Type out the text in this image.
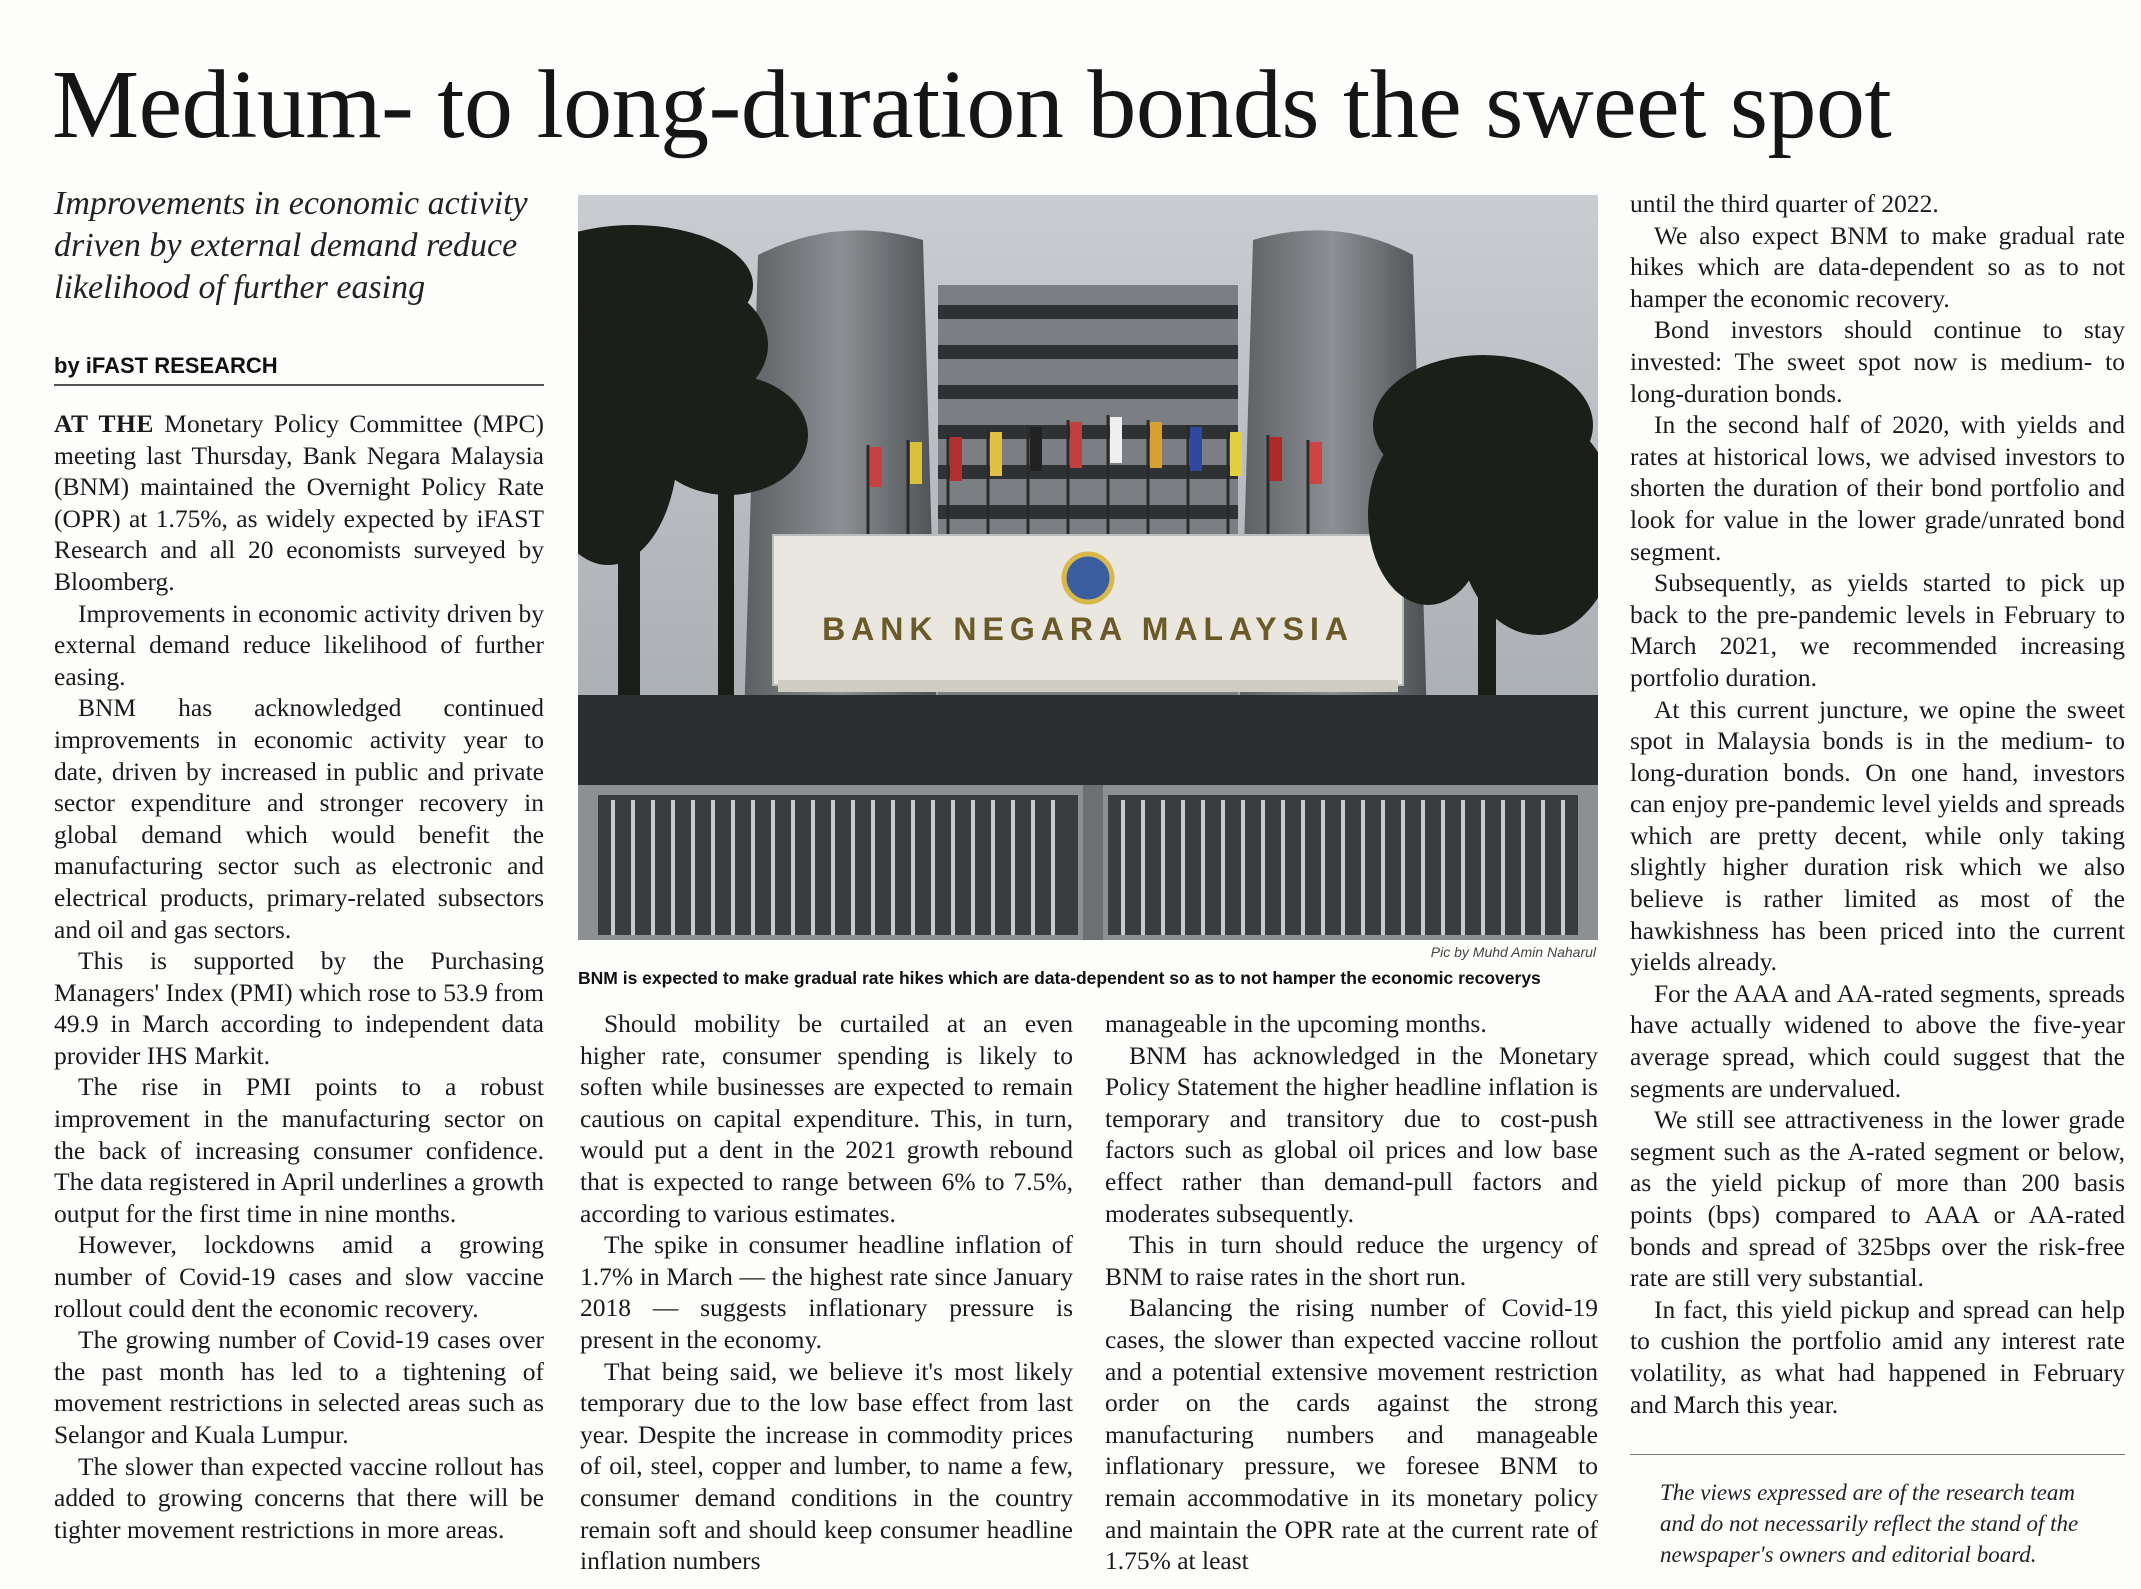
Medium- to long-duration bonds the sweet spot
Improvements in economic activity driven by external demand reduce likelihood of further easing
by iFAST RESEARCH

AT THE Monetary Policy Committee (MPC) meeting last Thursday, Bank Negara Malaysia (BNM) maintained the Overnight Policy Rate (OPR) at 1.75%, as widely expected by iFAST Research and all 20 economists surveyed by Bloomberg.

Improvements in economic activity driven by external demand reduce likelihood of further easing.

BNM has acknowledged continued improvements in economic activity year to date, driven by increased in public and private sector expenditure and stronger recovery in global demand which would benefit the manufacturing sector such as electronic and electrical products, primary-related subsectors and oil and gas sectors.

This is supported by the Purchasing Managers' Index (PMI) which rose to 53.9 from 49.9 in March according to independent data provider IHS Markit.

The rise in PMI points to a robust improvement in the manufacturing sector on the back of increasing consumer confidence. The data registered in April underlines a growth output for the first time in nine months.

However, lockdowns amid a growing number of Covid-19 cases and slow vaccine rollout could dent the economic recovery.

The growing number of Covid-19 cases over the past month has led to a tightening of movement restrictions in selected areas such as Selangor and Kuala Lumpur.

The slower than expected vaccine rollout has added to growing concerns that there will be tighter movement restrictions in more areas.

BANK NEGARA MALAYSIA
Pic by Muhd Amin Naharul
BNM is expected to make gradual rate hikes which are data-dependent so as to not hamper the economic recoverys

Should mobility be curtailed at an even higher rate, consumer spending is likely to soften while businesses are expected to remain cautious on capital expenditure. This, in turn, would put a dent in the 2021 growth rebound that is expected to range between 6% to 7.5%, according to various estimates.

The spike in consumer headline inflation of 1.7% in March — the highest rate since January 2018 — suggests inflationary pressure is present in the economy.

That being said, we believe it's most likely temporary due to the low base effect from last year. Despite the increase in commodity prices of oil, steel, copper and lumber, to name a few, consumer demand conditions in the country remain soft and should keep consumer headline inflation numbers

manageable in the upcoming months.

BNM has acknowledged in the Monetary Policy Statement the higher headline inflation is temporary and transitory due to cost-push factors such as global oil prices and low base effect rather than demand-pull factors and moderates subsequently.

This in turn should reduce the urgency of BNM to raise rates in the short run.

Balancing the rising number of Covid-19 cases, the slower than expected vaccine rollout and a potential extensive movement restriction order on the cards against the strong manufacturing numbers and manageable inflationary pressure, we foresee BNM to remain accommodative in its monetary policy and maintain the OPR rate at the current rate of 1.75% at least

until the third quarter of 2022.

We also expect BNM to make gradual rate hikes which are data-dependent so as to not hamper the economic recovery.

Bond investors should continue to stay invested: The sweet spot now is medium- to long-duration bonds.

In the second half of 2020, with yields and rates at historical lows, we advised investors to shorten the duration of their bond portfolio and look for value in the lower grade/unrated bond segment.

Subsequently, as yields started to pick up back to the pre-pandemic levels in February to March 2021, we recommended increasing portfolio duration.

At this current juncture, we opine the sweet spot in Malaysia bonds is in the medium- to long-duration bonds. On one hand, investors can enjoy pre-pandemic level yields and spreads which are pretty decent, while only taking slightly higher duration risk which we also believe is rather limited as most of the hawkishness has been priced into the current yields already.

For the AAA and AA-rated segments, spreads have actually widened to above the five-year average spread, which could suggest that the segments are undervalued.

We still see attractiveness in the lower grade segment such as the A-rated segment or below, as the yield pickup of more than 200 basis points (bps) compared to AAA or AA-rated bonds and spread of 325bps over the risk-free rate are still very substantial.

In fact, this yield pickup and spread can help to cushion the portfolio amid any interest rate volatility, as what had happened in February and March this year.

The views expressed are of the research team and do not necessarily reflect the stand of the newspaper's owners and editorial board.
